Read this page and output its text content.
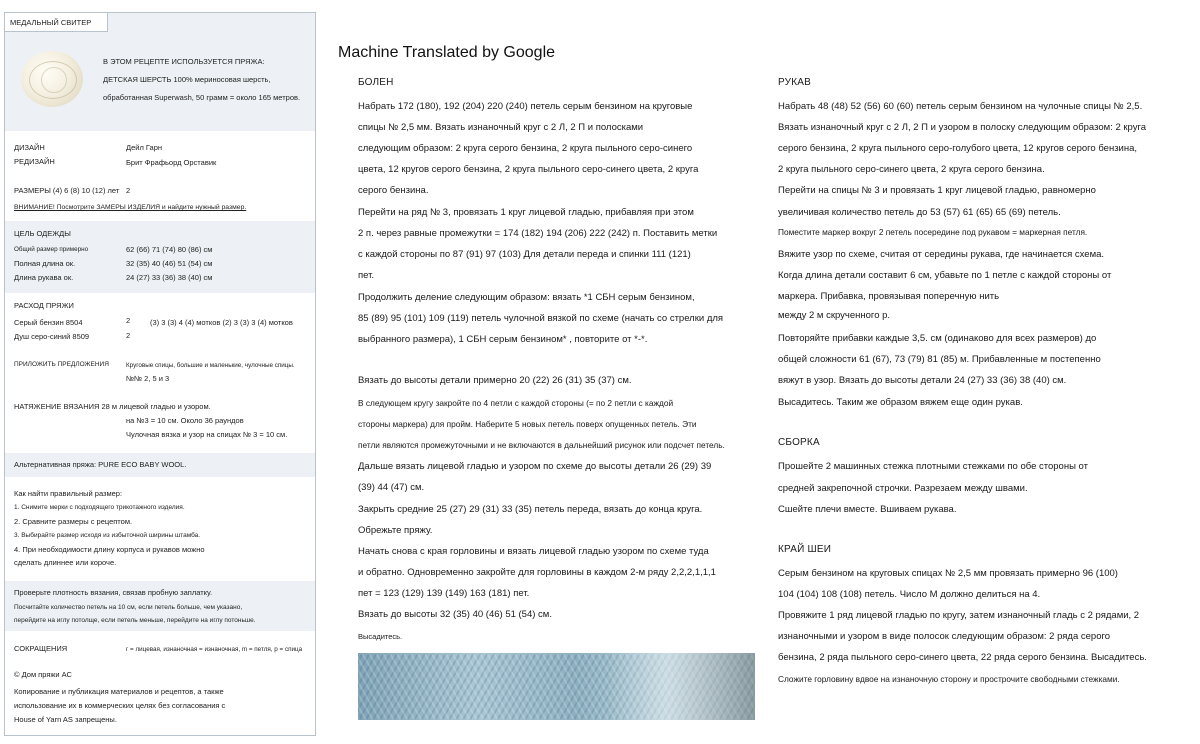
МЕДАЛЬНЫЙ СВИТЕР
В ЭТОМ РЕЦЕПТЕ ИСПОЛЬЗУЕТСЯ ПРЯЖА:
ДЕТСКАЯ ШЕРСТЬ 100% мериносовая шерсть,
обработанная Superwash, 50 грамм = около 165 метров.
ДИЗАЙН	Дейл Гарн
РЕДИЗАЙН	Брит Фрафьорд Орставик
РАЗМЕРЫ (4) 6 (8) 10 (12) лет 2
ВНИМАНИЕ! Посмотрите ЗАМЕРЫ ИЗДЕЛИЯ и найдите нужный размер.
ЦЕЛЬ ОДЕЖДЫ
Общий размер примерно	62 (66) 71 (74) 80 (86) см
Полная длина ок.	32 (35) 40 (46) 51 (54) см
Длина рукава ок.	24 (27) 33 (36) 38 (40) см
РАСХОД ПРЯЖИ
Серый бензин 8504	2	(3) 3 (3) 4 (4) мотков (2) 3 (3) 3 (4) мотков
Душ серо-синий 8509	2
ПРИЛОЖИТЬ ПРЕДЛОЖЕНИЯ	Круговые спицы, большие и маленькие, чулочные спицы.
№№ 2, 5 и 3
НАТЯЖЕНИЕ ВЯЗАНИЯ 28 м лицевой гладью и узором.
на №3 = 10 см. Около 36 раундов
Чулочная вязка и узор на спицах № 3 = 10 см.
Альтернативная пряжа: PURE ECO BABY WOOL.
Как найти правильный размер:
1. Снимите мерки с подходящего трикотажного изделия.
2. Сравните размеры с рецептом.
3. Выбирайте размер исходя из избыточной ширины штамба.
4. При необходимости длину корпуса и рукавов можно
сделать длиннее или короче.
Проверьте плотность вязания, связав пробную заплатку.
Посчитайте количество петель на 10 см, если петель больше, чем указано,
перейдите на иглу потолще, если петель меньше, перейдите на иглу потоньше.
СОКРАЩЕНИЯ	г = лицевая, изнаночная = изнаночная, m = петля, p = спица
© Дом пряжи АС
Копирование и публикация материалов и рецептов, а также
использование их в коммерческих целях без согласования с
House of Yarn AS запрещены.
Machine Translated by Google
БОЛЕН
Набрать 172 (180), 192 (204) 220 (240) петель серым бензином на круговые
спицы № 2,5 мм. Вязать изнаночный круг с 2 Л, 2 П и полосками
следующим образом: 2 круга серого бензина, 2 круга пыльного серо-синего
цвета, 12 кругов серого бензина, 2 круга пыльного серо-синего цвета, 2 круга
серого бензина.
Перейти на ряд № 3, провязать 1 круг лицевой гладью, прибавляя при этом
2 п. через равные промежутки = 174 (182) 194 (206) 222 (242) п. Поставить метки
с каждой стороны по 87 (91) 97 (103) Для детали переда и спинки 111 (121)
пет.
Продолжить деление следующим образом: вязать *1 СБН серым бензином,
85 (89) 95 (101) 109 (119) петель чулочной вязкой по схеме (начать со стрелки для
выбранного размера), 1 СБН серым бензином* , повторите от *-*.
Вязать до высоты детали примерно 20 (22) 26 (31) 35 (37) см.
В следующем кругу закройте по 4 петли с каждой стороны (= по 2 петли с каждой
стороны маркера) для пройм. Наберите 5 новых петель поверх опущенных петель. Эти
петли являются промежуточными и не включаются в дальнейший рисунок или подсчет петель.
Дальше вязать лицевой гладью и узором по схеме до высоты детали 26 (29) 39
(39) 44 (47) см.
Закрыть средние 25 (27) 29 (31) 33 (35) петель переда, вязать до конца круга.
Обрежьте пряжу.
Начать снова с края горловины и вязать лицевой гладью узором по схеме туда
и обратно. Одновременно закройте для горловины в каждом 2-м ряду 2,2,2,1,1,1
пет = 123 (129) 139 (149) 163 (181) пет.
Вязать до высоты 32 (35) 40 (46) 51 (54) см.
Высадитесь.
РУКАВ
Набрать 48 (48) 52 (56) 60 (60) петель серым бензином на чулочные спицы № 2,5.
Вязать изнаночный круг с 2 Л, 2 П и узором в полоску следующим образом: 2 круга
серого бензина, 2 круга пыльного серо-голубого цвета, 12 кругов серого бензина,
2 круга пыльного серо-синего цвета, 2 круга серого бензина.
Перейти на спицы № 3 и провязать 1 круг лицевой гладью, равномерно
увеличивая количество петель до 53 (57) 61 (65) 65 (69) петель.
Поместите маркер вокруг 2 петель посередине под рукавом = маркерная петля.
Вяжите узор по схеме, считая от середины рукава, где начинается схема.
Когда длина детали составит 6 см, убавьте по 1 петле с каждой стороны от
маркера. Прибавка, провязывая поперечную нить
между 2 м скрученного р.
Повторяйте прибавки каждые 3,5. см (одинаково для всех размеров) до
общей сложности 61 (67), 73 (79) 81 (85) м. Прибавленные м постепенно
вяжут в узор. Вязать до высоты детали 24 (27) 33 (36) 38 (40) см.
Высадитесь. Таким же образом вяжем еще один рукав.
СБОРКА
Прошейте 2 машинных стежка плотными стежками по обе стороны от
средней закрепочной строчки. Разрезаем между швами.
Сшейте плечи вместе. Вшиваем рукава.
КРАЙ ШЕИ
Серым бензином на круговых спицах № 2,5 мм провязать примерно 96 (100)
104 (104) 108 (108) петель. Число М должно делиться на 4.
Провяжите 1 ряд лицевой гладью по кругу, затем изнаночный гладь с 2 рядами, 2
изнаночными и узором в виде полосок следующим образом: 2 ряда серого
бензина, 2 ряда пыльного серо-синего цвета, 22 ряда серого бензина. Высадитесь.
Сложите горловину вдвое на изнаночную сторону и прострочите свободными стежками.
